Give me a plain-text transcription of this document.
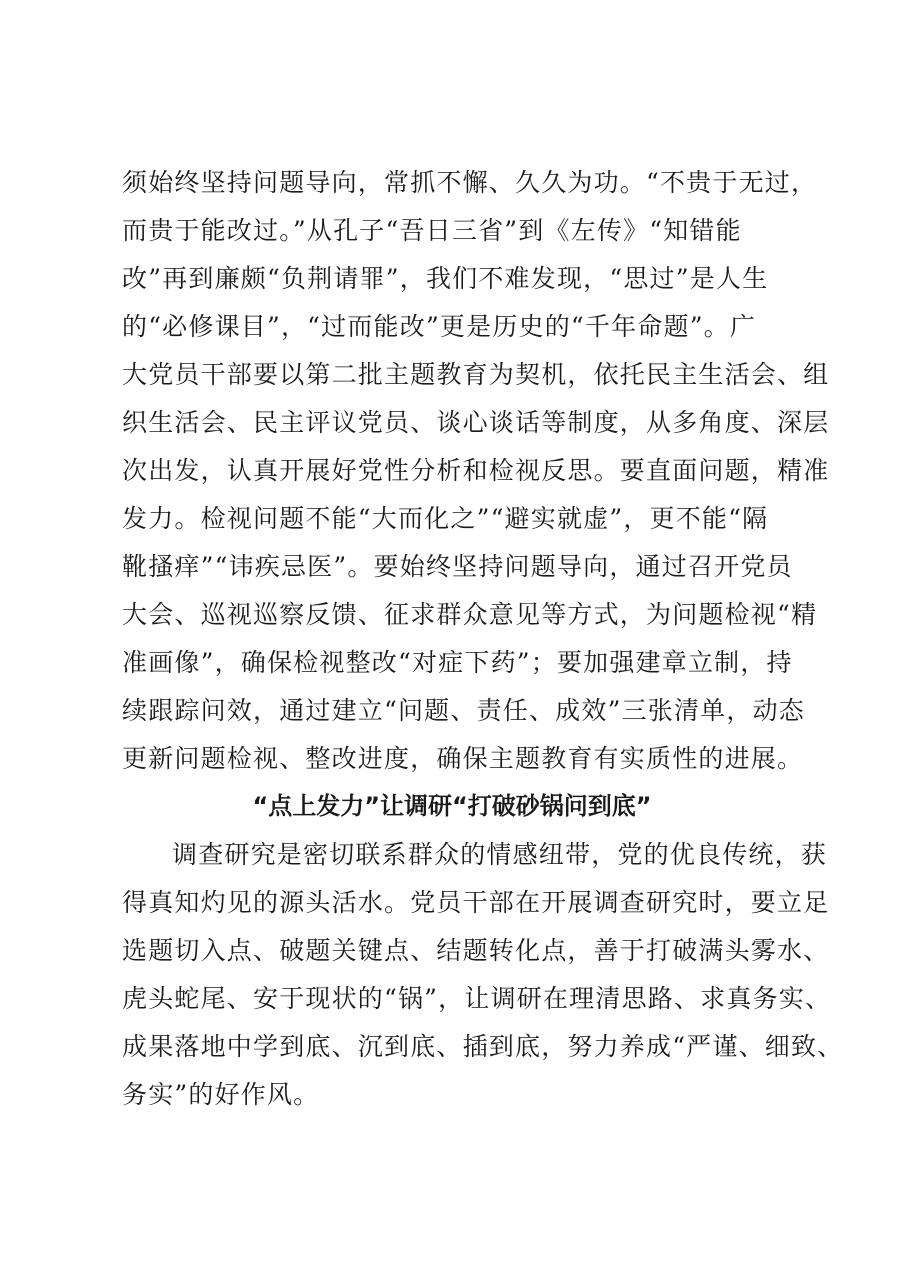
须始终坚持问题导向，常抓不懈、久久为功。“不贵于无过，
而贵于能改过。”从孔子“吾日三省”到《左传》“知错能
改”再到廉颇“负荆请罪”，我们不难发现，“思过”是人生
的“必修课目”，“过而能改”更是历史的“千年命题”。广
大党员干部要以第二批主题教育为契机，依托民主生活会、组
织生活会、民主评议党员、谈心谈话等制度，从多角度、深层
次出发，认真开展好党性分析和检视反思。要直面问题，精准
发力。检视问题不能“大而化之”“避实就虚”，更不能“隔
靴搔痒”“讳疾忌医”。要始终坚持问题导向，通过召开党员
大会、巡视巡察反馈、征求群众意见等方式，为问题检视“精
准画像”，确保检视整改“对症下药”；要加强建章立制，持
续跟踪问效，通过建立“问题、责任、成效”三张清单，动态
更新问题检视、整改进度，确保主题教育有实质性的进展。
“点上发力”让调研“打破砂锅问到底”
调查研究是密切联系群众的情感纽带，党的优良传统，获
得真知灼见的源头活水。党员干部在开展调查研究时，要立足
选题切入点、破题关键点、结题转化点，善于打破满头雾水、
虎头蛇尾、安于现状的“锅”，让调研在理清思路、求真务实、
成果落地中学到底、沉到底、插到底，努力养成“严谨、细致、
务实”的好作风。
